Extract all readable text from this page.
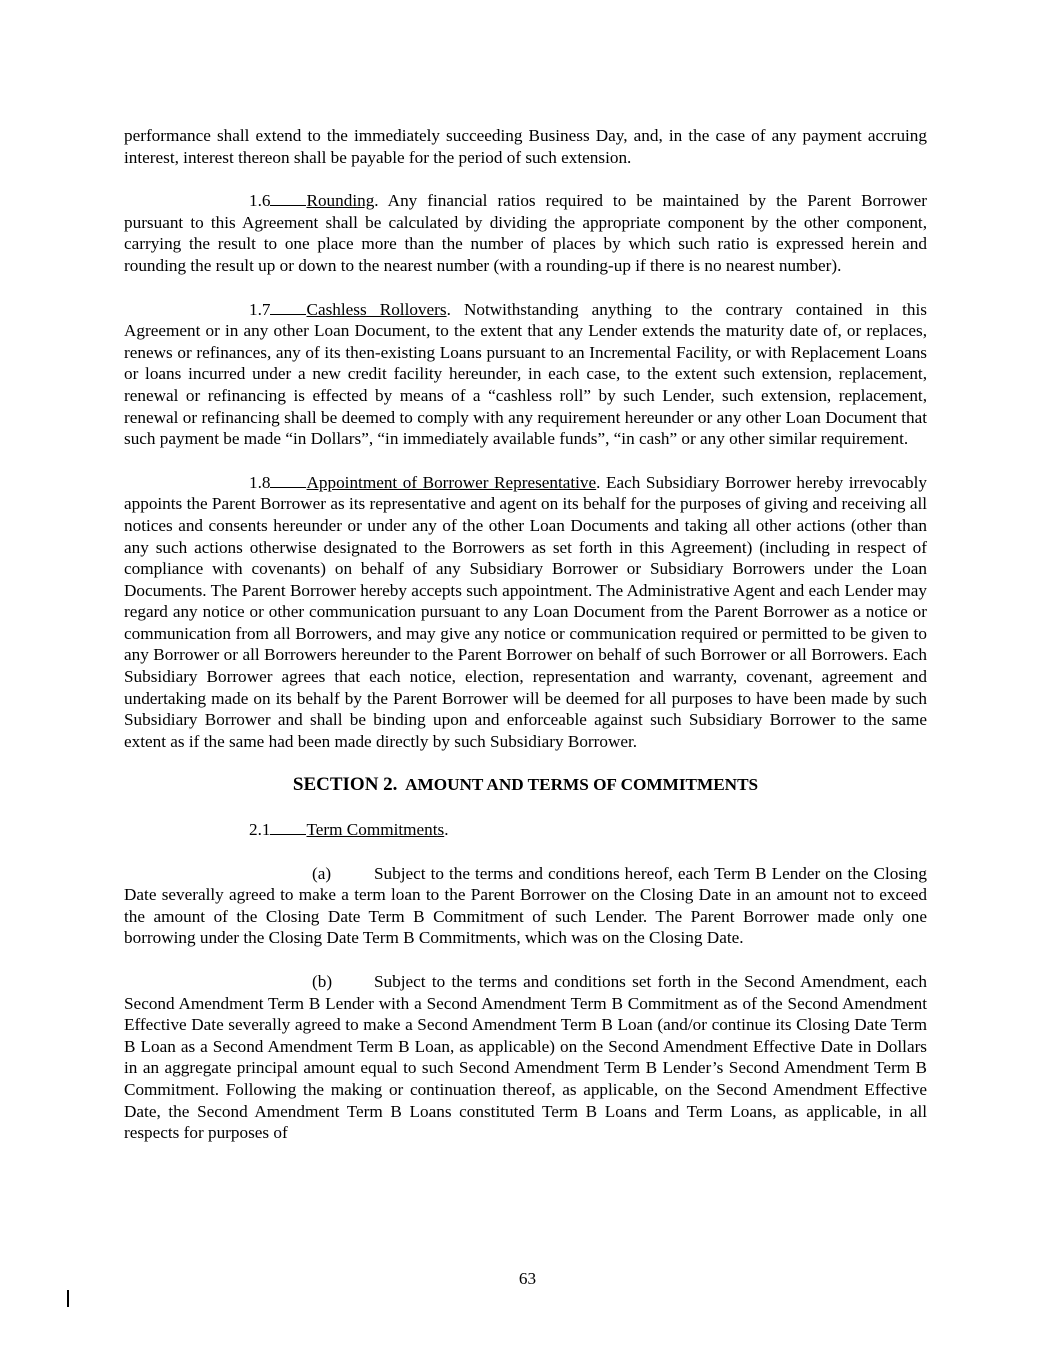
performance shall extend to the immediately succeeding Business Day, and, in the case of any payment accruing interest, interest thereon shall be payable for the period of such extension.

1.6 Rounding. Any financial ratios required to be maintained by the Parent Borrower pursuant to this Agreement shall be calculated by dividing the appropriate component by the other component, carrying the result to one place more than the number of places by which such ratio is expressed herein and rounding the result up or down to the nearest number (with a rounding-up if there is no nearest number).

1.7 Cashless Rollovers. Notwithstanding anything to the contrary contained in this Agreement or in any other Loan Document, to the extent that any Lender extends the maturity date of, or replaces, renews or refinances, any of its then-existing Loans pursuant to an Incremental Facility, or with Replacement Loans or loans incurred under a new credit facility hereunder, in each case, to the extent such extension, replacement, renewal or refinancing is effected by means of a “cashless roll” by such Lender, such extension, replacement, renewal or refinancing shall be deemed to comply with any requirement hereunder or any other Loan Document that such payment be made “in Dollars”, “in immediately available funds”, “in cash” or any other similar requirement.

1.8 Appointment of Borrower Representative. Each Subsidiary Borrower hereby irrevocably appoints the Parent Borrower as its representative and agent on its behalf for the purposes of giving and receiving all notices and consents hereunder or under any of the other Loan Documents and taking all other actions (other than any such actions otherwise designated to the Borrowers as set forth in this Agreement) (including in respect of compliance with covenants) on behalf of any Subsidiary Borrower or Subsidiary Borrowers under the Loan Documents. The Parent Borrower hereby accepts such appointment. The Administrative Agent and each Lender may regard any notice or other communication pursuant to any Loan Document from the Parent Borrower as a notice or communication from all Borrowers, and may give any notice or communication required or permitted to be given to any Borrower or all Borrowers hereunder to the Parent Borrower on behalf of such Borrower or all Borrowers. Each Subsidiary Borrower agrees that each notice, election, representation and warranty, covenant, agreement and undertaking made on its behalf by the Parent Borrower will be deemed for all purposes to have been made by such Subsidiary Borrower and shall be binding upon and enforceable against such Subsidiary Borrower to the same extent as if the same had been made directly by such Subsidiary Borrower.

SECTION 2. AMOUNT AND TERMS OF COMMITMENTS

2.1 Term Commitments.

(a) Subject to the terms and conditions hereof, each Term B Lender on the Closing Date severally agreed to make a term loan to the Parent Borrower on the Closing Date in an amount not to exceed the amount of the Closing Date Term B Commitment of such Lender. The Parent Borrower made only one borrowing under the Closing Date Term B Commitments, which was on the Closing Date.

(b) Subject to the terms and conditions set forth in the Second Amendment, each Second Amendment Term B Lender with a Second Amendment Term B Commitment as of the Second Amendment Effective Date severally agreed to make a Second Amendment Term B Loan (and/or continue its Closing Date Term B Loan as a Second Amendment Term B Loan, as applicable) on the Second Amendment Effective Date in Dollars in an aggregate principal amount equal to such Second Amendment Term B Lender’s Second Amendment Term B Commitment. Following the making or continuation thereof, as applicable, on the Second Amendment Effective Date, the Second Amendment Term B Loans constituted Term B Loans and Term Loans, as applicable, in all respects for purposes of

63
